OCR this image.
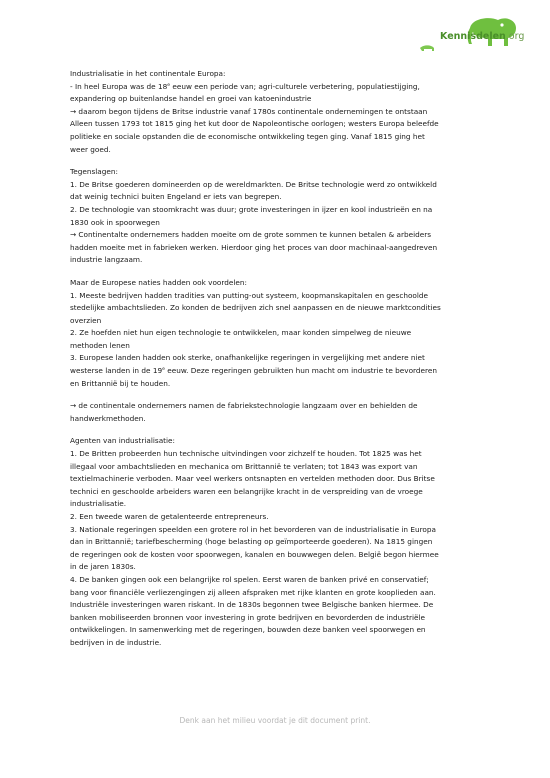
Kennisdelen.org
Industrialisatie in het continentale Europa:
- In heel Europa was de 18e eeuw een periode van; agri-culturele verbetering, populatiestijging,
expandering op buitenlandse handel en groei van katoenindustrie
→ daarom begon tijdens de Britse industrie vanaf 1780s continentale ondernemingen te ontstaan
Alleen tussen 1793 tot 1815 ging het kut door de Napoleontische oorlogen; westers Europa beleefde
politieke en sociale opstanden die de economische ontwikkeling tegen ging. Vanaf 1815 ging het
weer goed.
Tegenslagen:
1. De Britse goederen domineerden op de wereldmarkten. De Britse technologie werd zo ontwikkeld
dat weinig technici buiten Engeland er iets van begrepen.
2. De technologie van stoomkracht was duur; grote investeringen in ijzer en kool industrieën en na
1830 ook in spoorwegen
→ Continentalte ondernemers hadden moeite om de grote sommen te kunnen betalen & arbeiders
hadden moeite met in fabrieken werken. Hierdoor ging het proces van door machinaal-aangedreven
industrie langzaam.
Maar de Europese naties hadden ook voordelen:
1. Meeste bedrijven hadden tradities van putting-out systeem, koopmanskapitalen en geschoolde
stedelijke ambachtslieden. Zo konden de bedrijven zich snel aanpassen en de nieuwe marktcondities
overzien
2. Ze hoefden niet hun eigen technologie te ontwikkelen, maar konden simpelweg de nieuwe
methoden lenen
3. Europese landen hadden ook sterke, onafhankelijke regeringen in vergelijking met andere niet
westerse landen in de 19e eeuw. Deze regeringen gebruikten hun macht om industrie te bevorderen
en Brittannië bij te houden.
→ de continentale ondernemers namen de fabriekstechnologie langzaam over en behielden de
handwerkmethoden.
Agenten van industrialisatie:
1. De Britten probeerden hun technische uitvindingen voor zichzelf te houden. Tot 1825 was het
illegaal voor ambachtslieden en mechanica om Brittannië te verlaten; tot 1843 was export van
textielmachinerie verboden. Maar veel werkers ontsnapten en vertelden methoden door. Dus Britse
technici en geschoolde arbeiders waren een belangrijke kracht in de verspreiding van de vroege
industrialisatie.
2. Een tweede waren de getalenteerde entrepreneurs.
3. Nationale regeringen speelden een grotere rol in het bevorderen van de industrialisatie in Europa
dan in Brittannië; tariefbescherming (hoge belasting op geïmporteerde goederen). Na 1815 gingen
de regeringen ook de kosten voor spoorwegen, kanalen en bouwwegen delen. België begon hiermee
in de jaren 1830s.
4. De banken gingen ook een belangrijke rol spelen. Eerst waren de banken privé en conservatief;
bang voor financiële verliezengingen zij alleen afspraken met rijke klanten en grote kooplieden aan.
Industriële investeringen waren riskant. In de 1830s begonnen twee Belgische banken hiermee. De
banken mobiliseerden bronnen voor investering in grote bedrijven en bevorderden de industriële
ontwikkelingen. In samenwerking met de regeringen, bouwden deze banken veel spoorwegen en
bedrijven in de industrie.
Denk aan het milieu voordat je dit document print.
